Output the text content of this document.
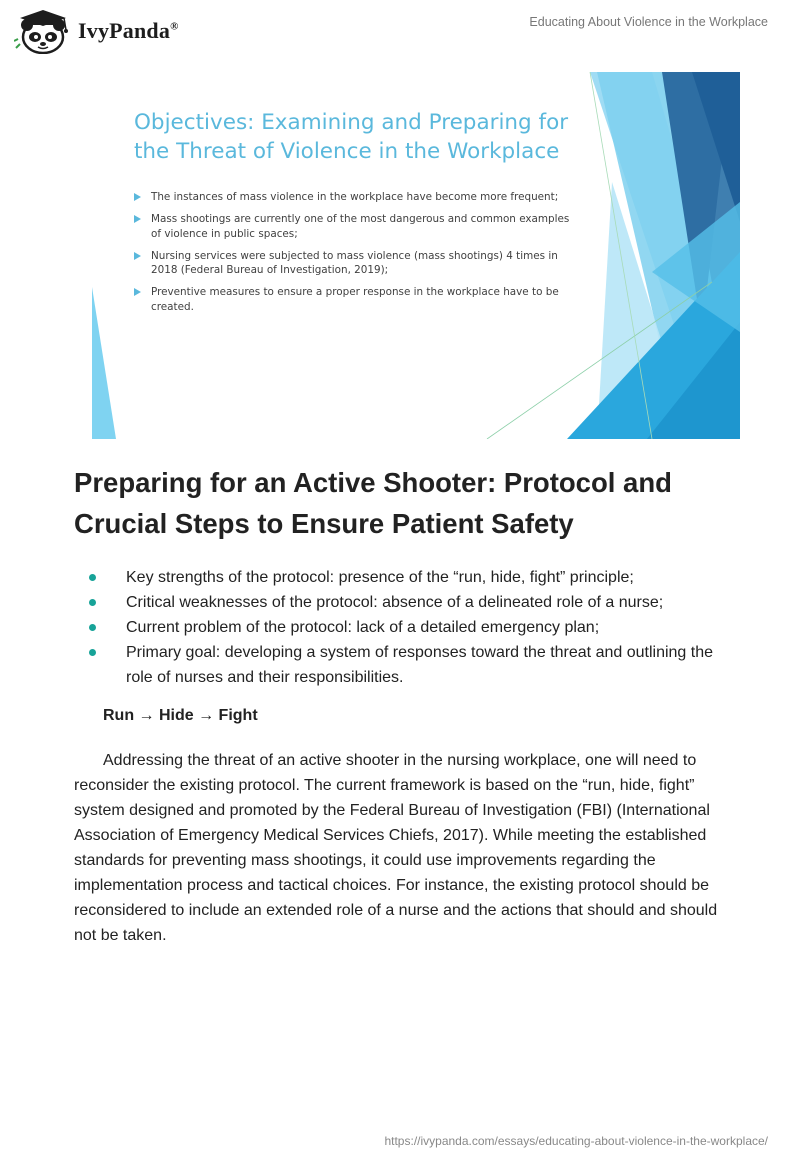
IvyPanda®	Educating About Violence in the Workplace
Objectives: Examining and Preparing for the Threat of Violence in the Workplace
The instances of mass violence in the workplace have become more frequent;
Mass shootings are currently one of the most dangerous and common examples of violence in public spaces;
Nursing services were subjected to mass violence (mass shootings) 4 times in 2018 (Federal Bureau of Investigation, 2019);
Preventive measures to ensure a proper response in the workplace have to be created.
Preparing for an Active Shooter: Protocol and Crucial Steps to Ensure Patient Safety
Key strengths of the protocol: presence of the “run, hide, fight” principle;
Critical weaknesses of the protocol: absence of a delineated role of a nurse;
Current problem of the protocol: lack of a detailed emergency plan;
Primary goal: developing a system of responses toward the threat and outlining the role of nurses and their responsibilities.
Run → Hide → Fight

Addressing the threat of an active shooter in the nursing workplace, one will need to reconsider the existing protocol. The current framework is based on the “run, hide, fight” system designed and promoted by the Federal Bureau of Investigation (FBI) (International Association of Emergency Medical Services Chiefs, 2017). While meeting the established standards for preventing mass shootings, it could use improvements regarding the implementation process and tactical choices. For instance, the existing protocol should be reconsidered to include an extended role of a nurse and the actions that should and should not be taken.

https://ivypanda.com/essays/educating-about-violence-in-the-workplace/
